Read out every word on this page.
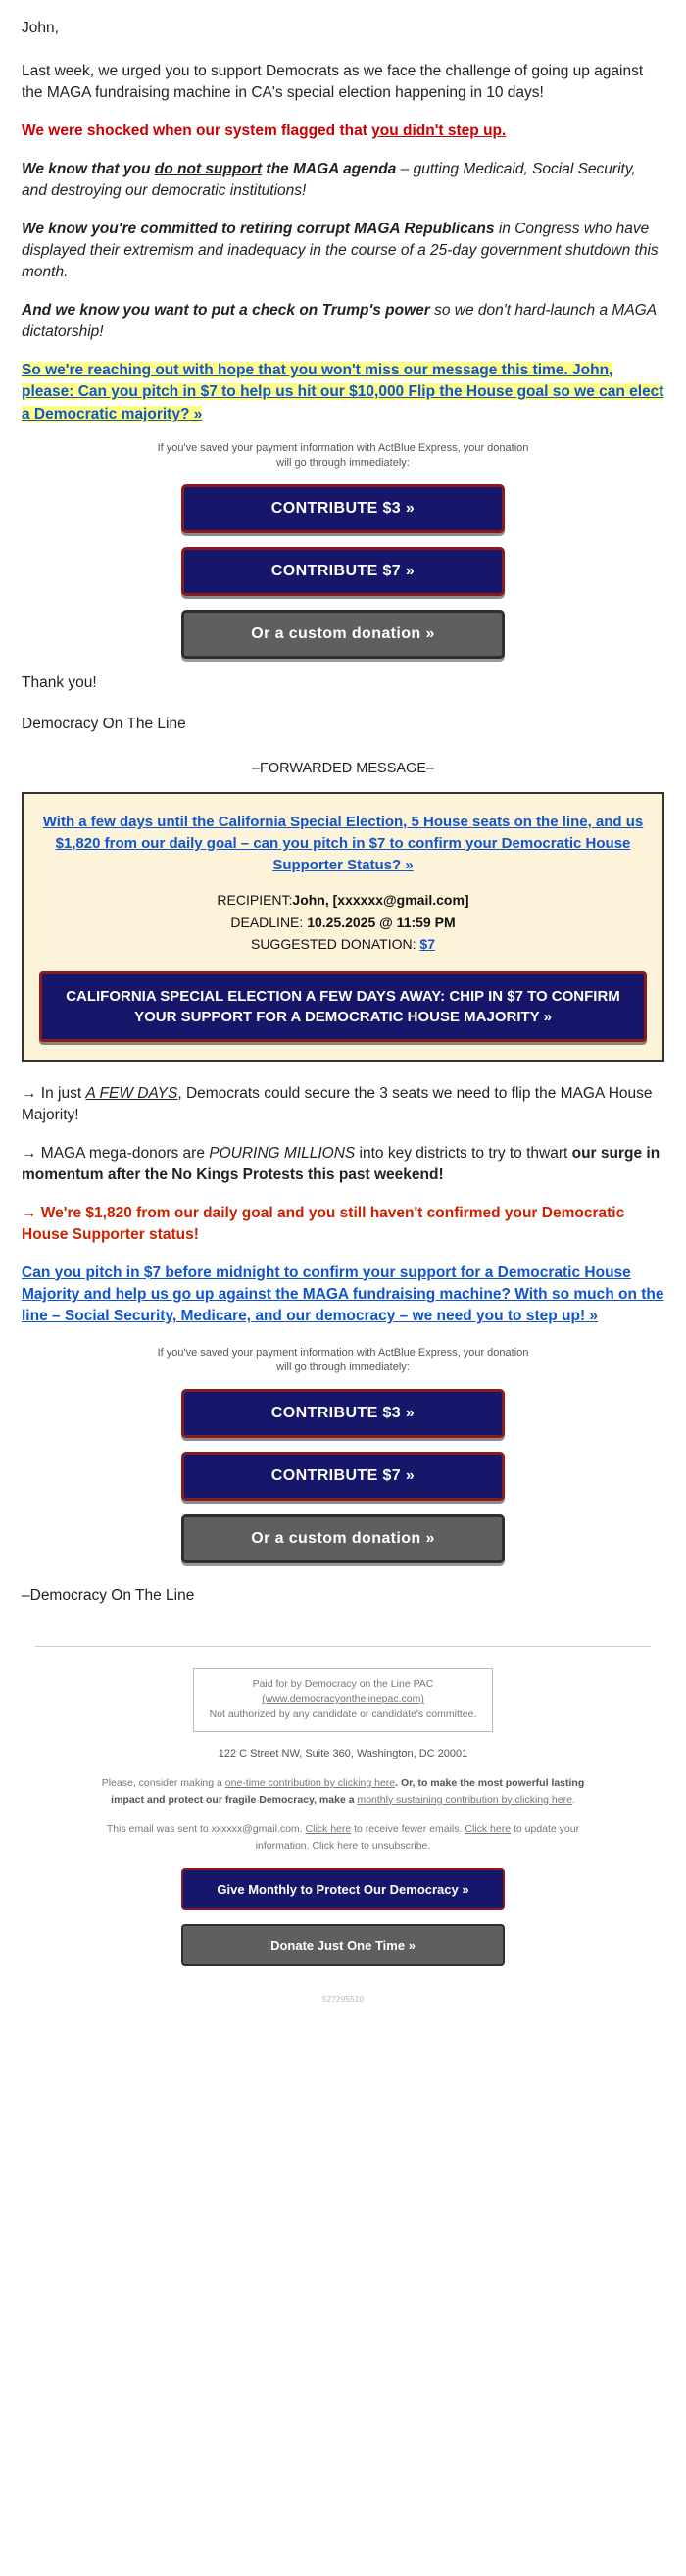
John,

Last week, we urged you to support Democrats as we face the challenge of going up against the MAGA fundraising machine in CA's special election happening in 10 days!

We were shocked when our system flagged that you didn't step up.

We know that you do not support the MAGA agenda – gutting Medicaid, Social Security, and destroying our democratic institutions!

We know you're committed to retiring corrupt MAGA Republicans in Congress who have displayed their extremism and inadequacy in the course of a 25-day government shutdown this month.

And we know you want to put a check on Trump's power so we don't hard-launch a MAGA dictatorship!

So we're reaching out with hope that you won't miss our message this time. John, please: Can you pitch in $7 to help us hit our $10,000 Flip the House goal so we can elect a Democratic majority? »

If you've saved your payment information with ActBlue Express, your donation
will go through immediately:

CONTRIBUTE $3 »
CONTRIBUTE $7 »
Or a custom donation »

Thank you!

Democracy On The Line

–FORWARDED MESSAGE–
With a few days until the California Special Election, 5 House seats on the line, and us $1,820 from our daily goal – can you pitch in $7 to confirm your Democratic House Supporter Status? »
RECIPIENT:John, [xxxxxx@gmail.com]
DEADLINE: 10.25.2025 @ 11:59 PM
SUGGESTED DONATION: $7
CALIFORNIA SPECIAL ELECTION A FEW DAYS AWAY: CHIP IN $7 TO CONFIRM YOUR SUPPORT FOR A DEMOCRATIC HOUSE MAJORITY »

→ In just A FEW DAYS, Democrats could secure the 3 seats we need to flip the MAGA House Majority!

→ MAGA mega-donors are POURING MILLIONS into key districts to try to thwart our surge in momentum after the No Kings Protests this past weekend!

→ We're $1,820 from our daily goal and you still haven't confirmed your Democratic House Supporter status!

Can you pitch in $7 before midnight to confirm your support for a Democratic House Majority and help us go up against the MAGA fundraising machine? With so much on the line – Social Security, Medicare, and our democracy – we need you to step up! »

If you've saved your payment information with ActBlue Express, your donation
will go through immediately:

CONTRIBUTE $3 »
CONTRIBUTE $7 »
Or a custom donation »

–Democracy On The Line

Paid for by Democracy on the Line PAC
(www.democracyonthelinepac.com)
Not authorized by any candidate or candidate's committee.
122 C Street NW, Suite 360, Washington, DC 20001
Please, consider making a one-time contribution by clicking here. Or, to make the most powerful lasting impact and protect our fragile Democracy, make a monthly sustaining contribution by clicking here.
This email was sent to xxxxxx@gmail.com. Click here to receive fewer emails. Click here to update your information. Click here to unsubscribe.
Give Monthly to Protect Our Democracy »
Donate Just One Time »
527295510
